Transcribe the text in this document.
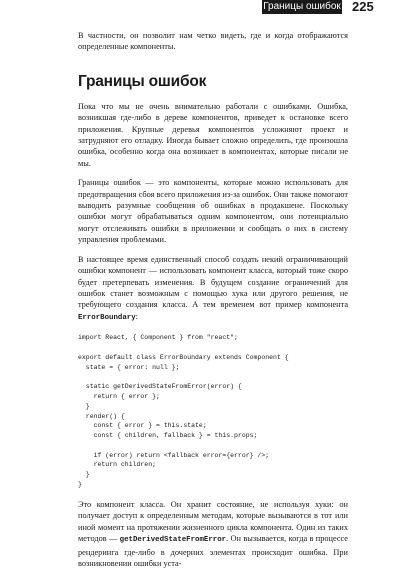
Границы ошибок 225

В частности, он позволит нам четко видеть, где и когда отображаются определенные компоненты.

Границы ошибок

Пока что мы не очень внимательно работали с ошибками. Ошибка, возникшая где-либо в дереве компонентов, приведет к остановке всего приложения. Крупные деревья компонентов усложняют проект и затрудняют его отладку. Иногда бывает сложно определить, где произошла ошибка, особенно когда она возникает в компонентах, которые писали не мы.

Границы ошибок — это компоненты, которые можно использовать для предотвращения сбоя всего приложения из-за ошибок. Они также помогают выводить разумные сообщения об ошибках в продакшене. Поскольку ошибки могут обрабатываться одним компонентом, они потенциально могут отслеживать ошибки в приложении и сообщать о них в систему управления проблемами.

В настоящее время единственный способ создать некий ограничивающий ошибки компонент — использовать компонент класса, который тоже скоро будет претерпевать изменения. В будущем создание ограничений для ошибок станет возможным с помощью хука или другого решения, не требующего создания класса. А тем временем вот пример компонента ErrorBoundary:

import React, { Component } from "react";

export default class ErrorBoundary extends Component {
state = { error: null };

static getDerivedStateFromError(error) {
return { error };
}
render() {
const { error } = this.state;
const { children, fallback } = this.props;

if (error) return <fallback error={error} />;
return children;
}
}

Это компонент класса. Он хранит состояние, не используя хуки: он получает доступ к определенным методам, которые вызываются в тот или иной момент на протяжении жизненного цикла компонента. Один из таких методов — getDerivedStateFromError. Он вызывается, когда в процессе рендеринга где-либо в дочерних элементах происходит ошибка. При возникновении ошибки уста-
